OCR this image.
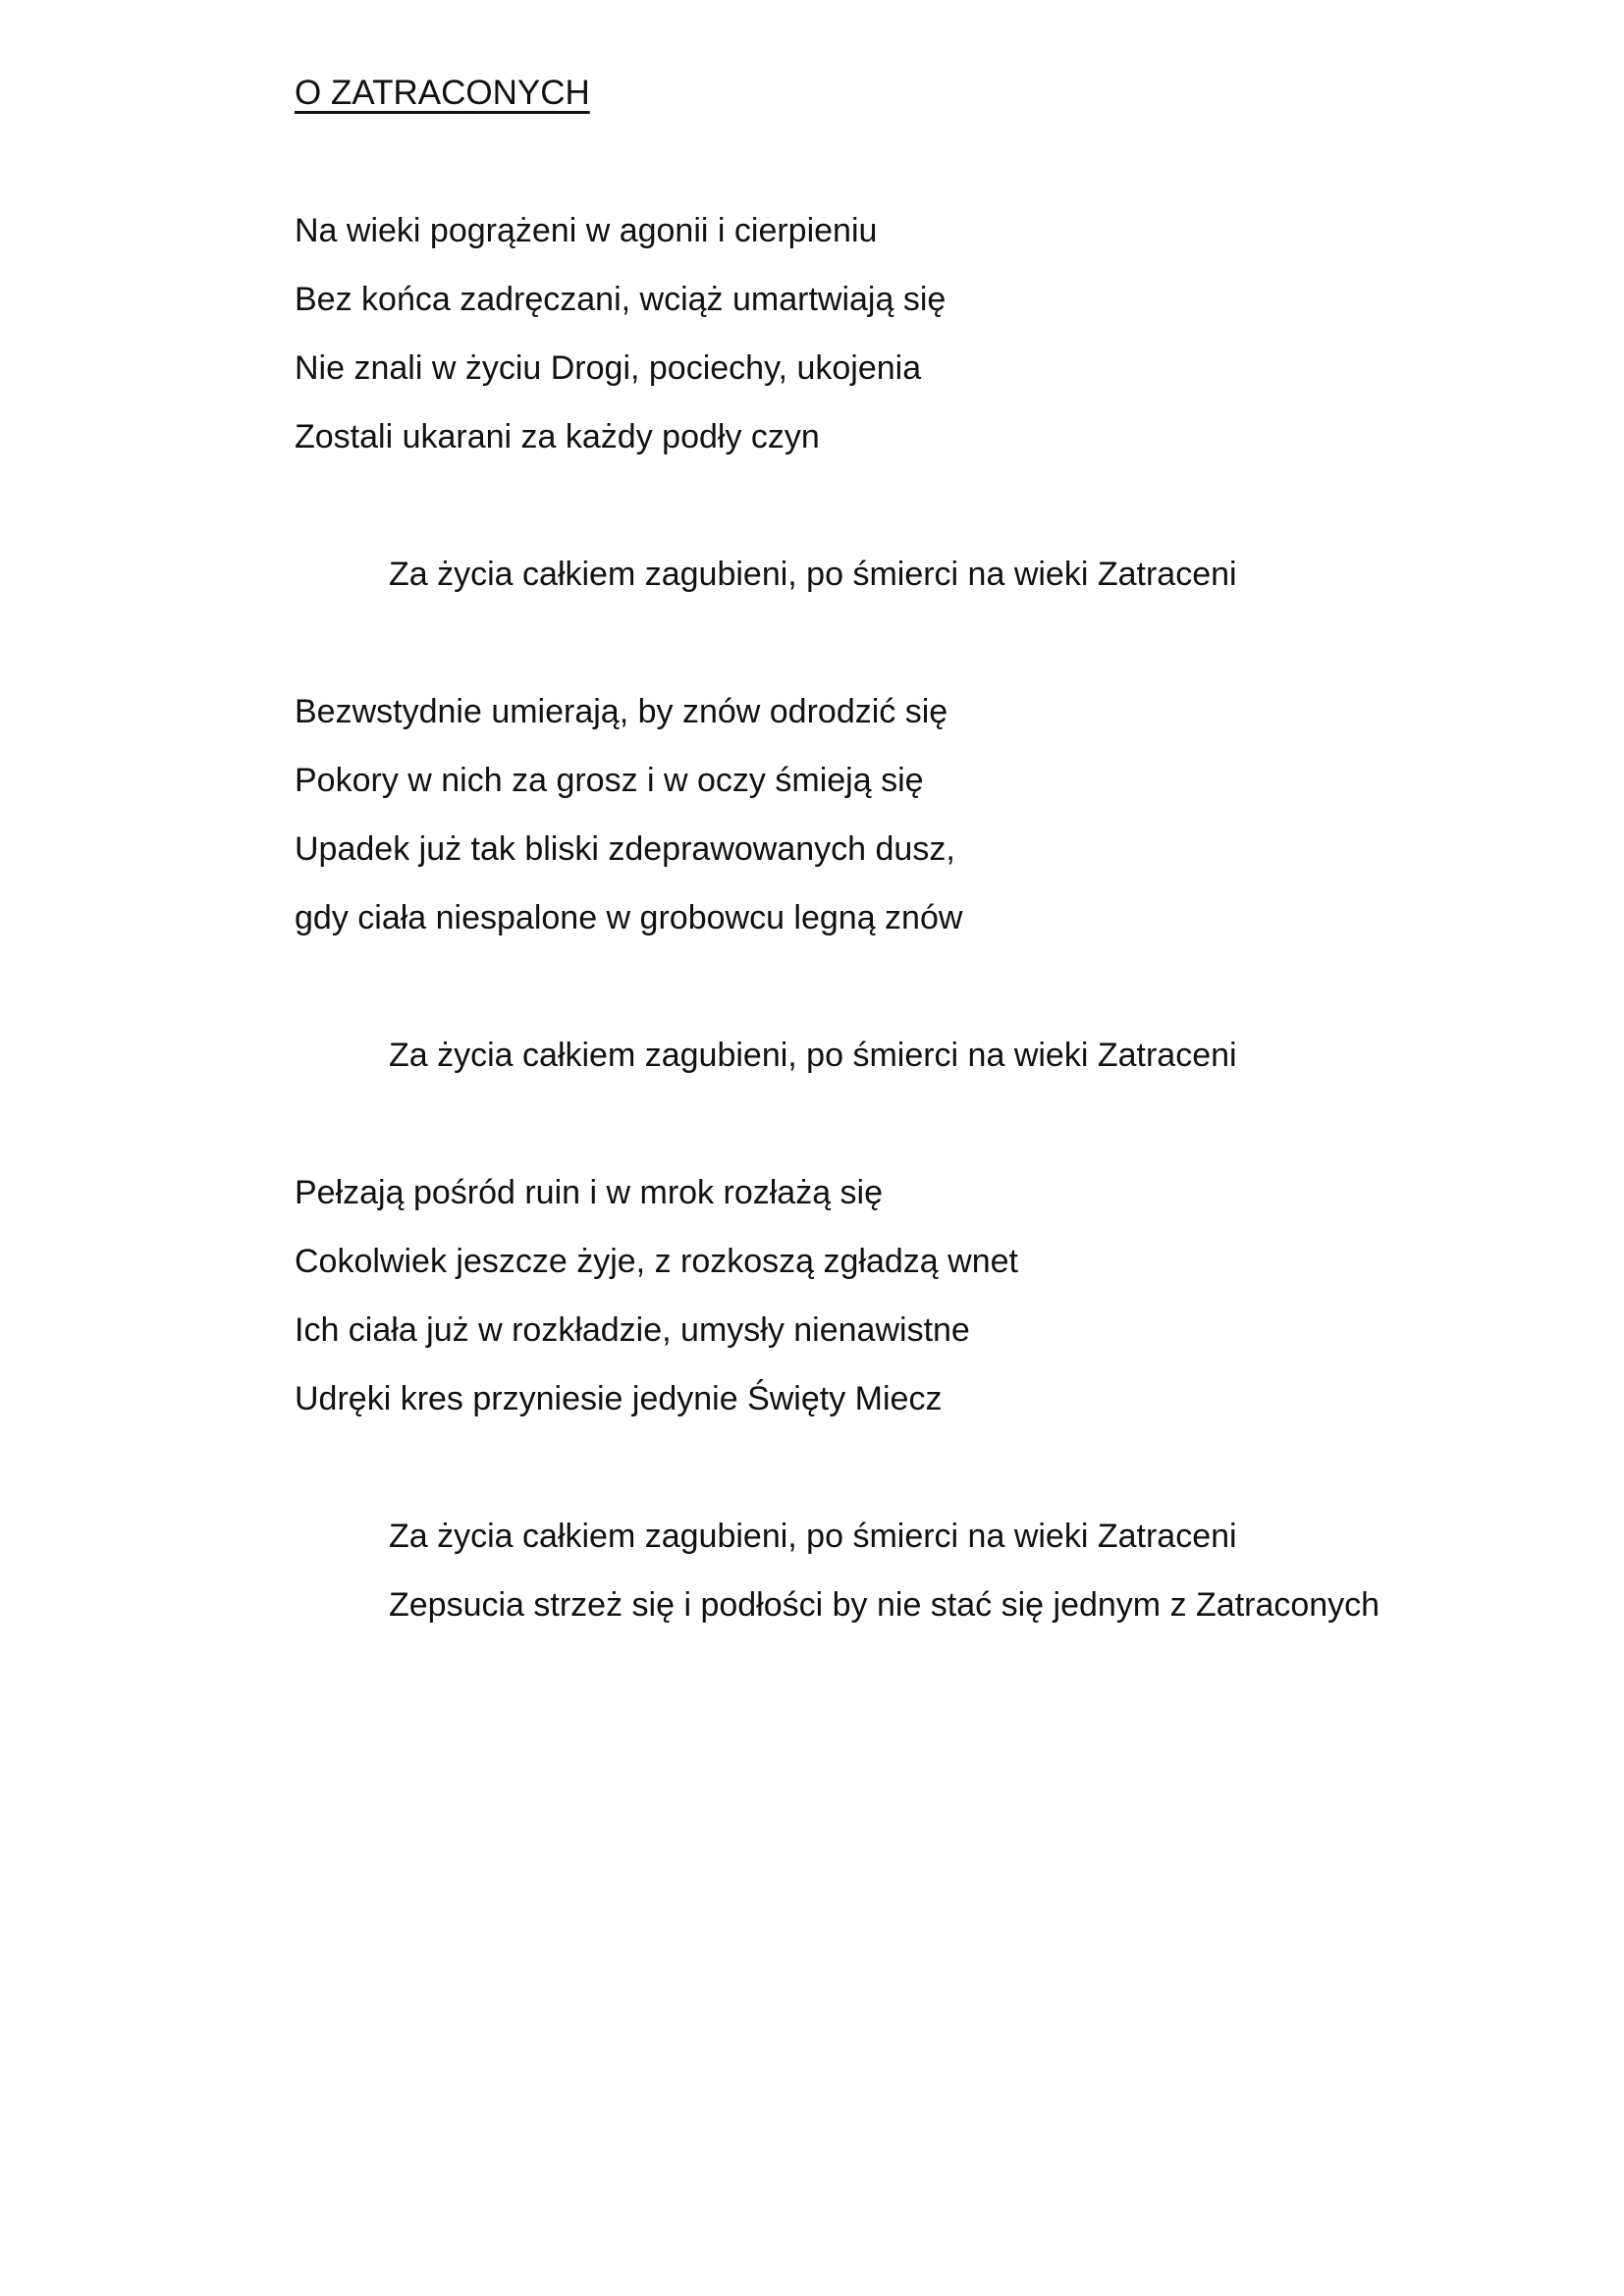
O ZATRACONYCH
Na wieki pogrążeni w agonii i cierpieniu
Bez końca zadręczani, wciąż umartwiają się
Nie znali w życiu Drogi, pociechy, ukojenia
Zostali ukarani za każdy podły czyn
Za życia całkiem zagubieni, po śmierci na wieki Zatraceni
Bezwstydnie umierają, by znów odrodzić się
Pokory w nich za grosz i w oczy śmieją się
Upadek już tak bliski zdeprawowanych dusz,
gdy ciała niespalone w grobowcu legną znów
Za życia całkiem zagubieni, po śmierci na wieki Zatraceni
Pełzają pośród ruin i w mrok rozłażą się
Cokolwiek jeszcze żyje, z rozkoszą zgładzą wnet
Ich ciała już w rozkładzie, umysły nienawistne
Udręki kres przyniesie jedynie Święty Miecz
Za życia całkiem zagubieni, po śmierci na wieki Zatraceni
Zepsucia strzeż się i podłości by nie stać się jednym z Zatraconych
